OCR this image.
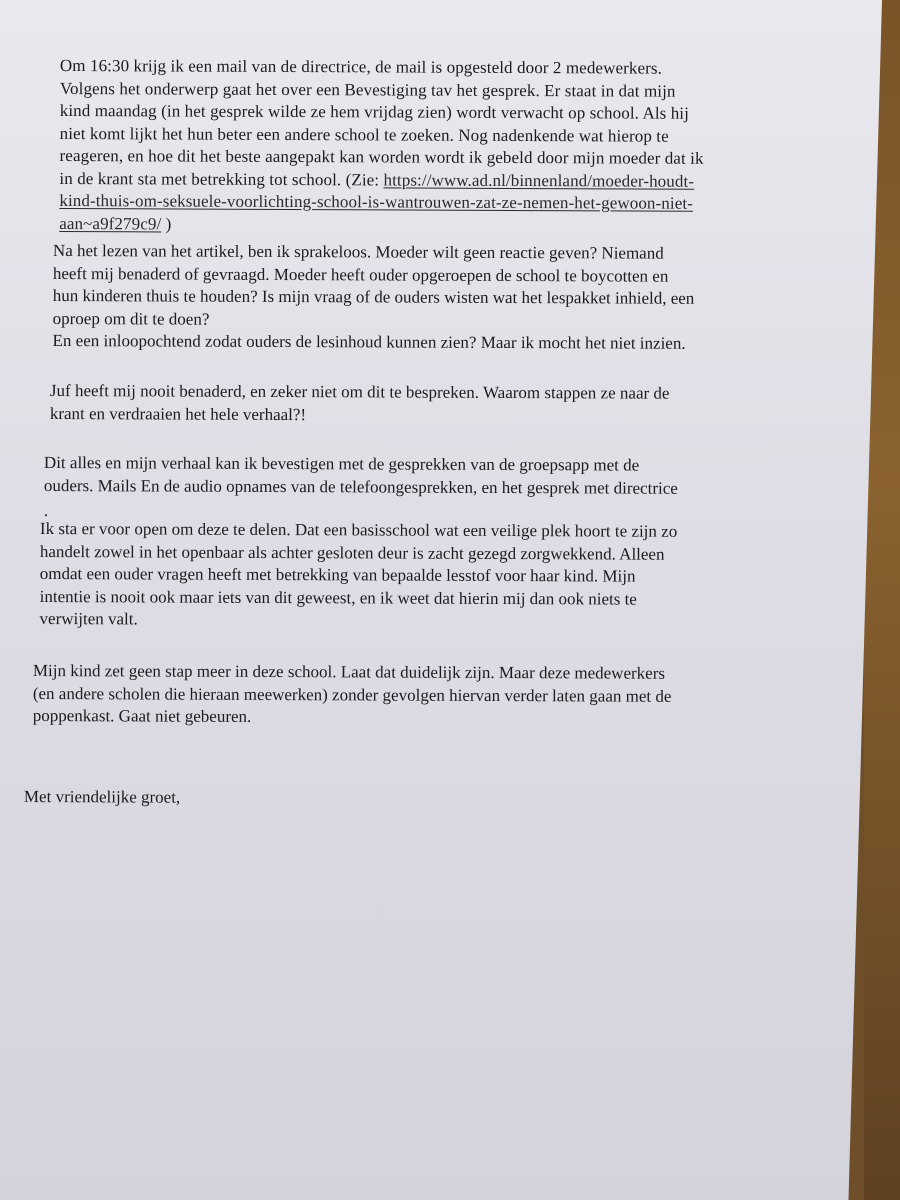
Om 16:30 krijg ik een mail van de directrice, de mail is opgesteld door 2 medewerkers.
Volgens het onderwerp gaat het over een Bevestiging tav het gesprek. Er staat in dat mijn
kind maandag (in het gesprek wilde ze hem vrijdag zien) wordt verwacht op school. Als hij
niet komt lijkt het hun beter een andere school te zoeken. Nog nadenkende wat hierop te
reageren, en hoe dit het beste aangepakt kan worden wordt ik gebeld door mijn moeder dat ik
in de krant sta met betrekking tot school. (Zie: https://www.ad.nl/binnenland/moeder-houdt-
kind-thuis-om-seksuele-voorlichting-school-is-wantrouwen-zat-ze-nemen-het-gewoon-niet-
aan~a9f279c9/ )
Na het lezen van het artikel, ben ik sprakeloos. Moeder wilt geen reactie geven? Niemand
heeft mij benaderd of gevraagd. Moeder heeft ouder opgeroepen de school te boycotten en
hun kinderen thuis te houden? Is mijn vraag of de ouders wisten wat het lespakket inhield, een
oproep om dit te doen?
En een inloopochtend zodat ouders de lesinhoud kunnen zien? Maar ik mocht het niet inzien.
Juf heeft mij nooit benaderd, en zeker niet om dit te bespreken. Waarom stappen ze naar de
krant en verdraaien het hele verhaal?!
Dit alles en mijn verhaal kan ik bevestigen met de gesprekken van de groepsapp met de
ouders. Mails En de audio opnames van de telefoongesprekken, en het gesprek met directrice
.
Ik sta er voor open om deze te delen. Dat een basisschool wat een veilige plek hoort te zijn zo
handelt zowel in het openbaar als achter gesloten deur is zacht gezegd zorgwekkend. Alleen
omdat een ouder vragen heeft met betrekking van bepaalde lesstof voor haar kind. Mijn
intentie is nooit ook maar iets van dit geweest, en ik weet dat hierin mij dan ook niets te
verwijten valt.
Mijn kind zet geen stap meer in deze school. Laat dat duidelijk zijn. Maar deze medewerkers
(en andere scholen die hieraan meewerken) zonder gevolgen hiervan verder laten gaan met de
poppenkast. Gaat niet gebeuren.
Met vriendelijke groet,
